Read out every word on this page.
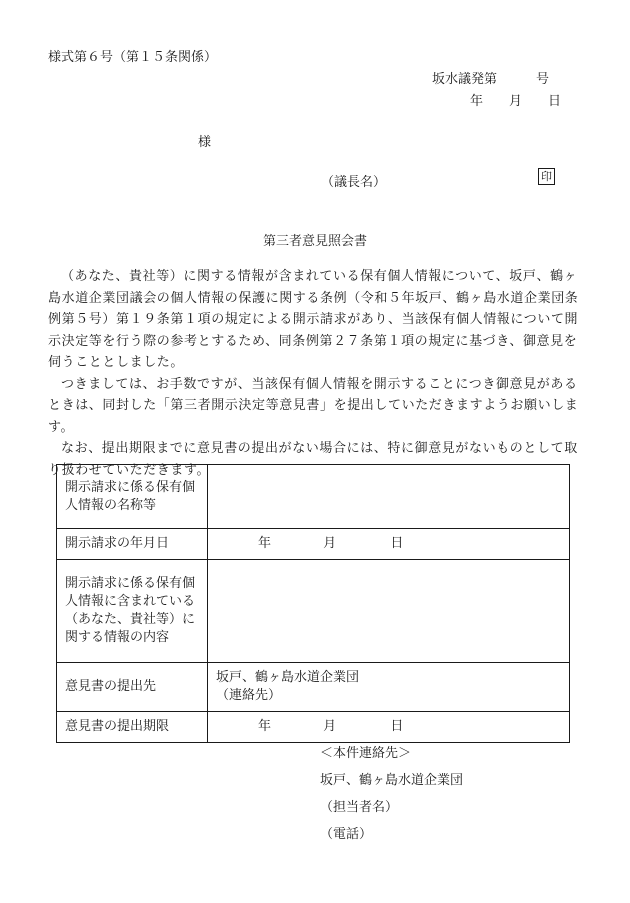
様式第６号（第１５条関係）
坂水議発第　　　号
年　　月　　日
様
（議長名）	印
第三者意見照会書

（あなた、貴社等）に関する情報が含まれている保有個人情報について、坂戸、鶴ヶ島水道企業団議会の個人情報の保護に関する条例（令和５年坂戸、鶴ヶ島水道企業団条例第５号）第１９条第１項の規定による開示請求があり、当該保有個人情報について開示決定等を行う際の参考とするため、同条例第２７条第１項の規定に基づき、御意見を伺うこととしました。

つきましては、お手数ですが、当該保有個人情報を開示することにつき御意見があるときは、同封した「第三者開示決定等意見書」を提出していただきますようお願いします。

なお、提出期限までに意見書の提出がない場合には、特に御意見がないものとして取り扱わせていただきます。

開示請求に係る保有個人情報の名称等	
開示請求の年月日	年 月 日
開示請求に係る保有個人情報に含まれている（あなた、貴社等）に関する情報の内容	
意見書の提出先	坂戸、鶴ヶ島水道企業団
（連絡先）

意見書の提出期限	年 月 日
＜本件連絡先＞
坂戸、鶴ヶ島水道企業団
（担当者名）
（電話）
